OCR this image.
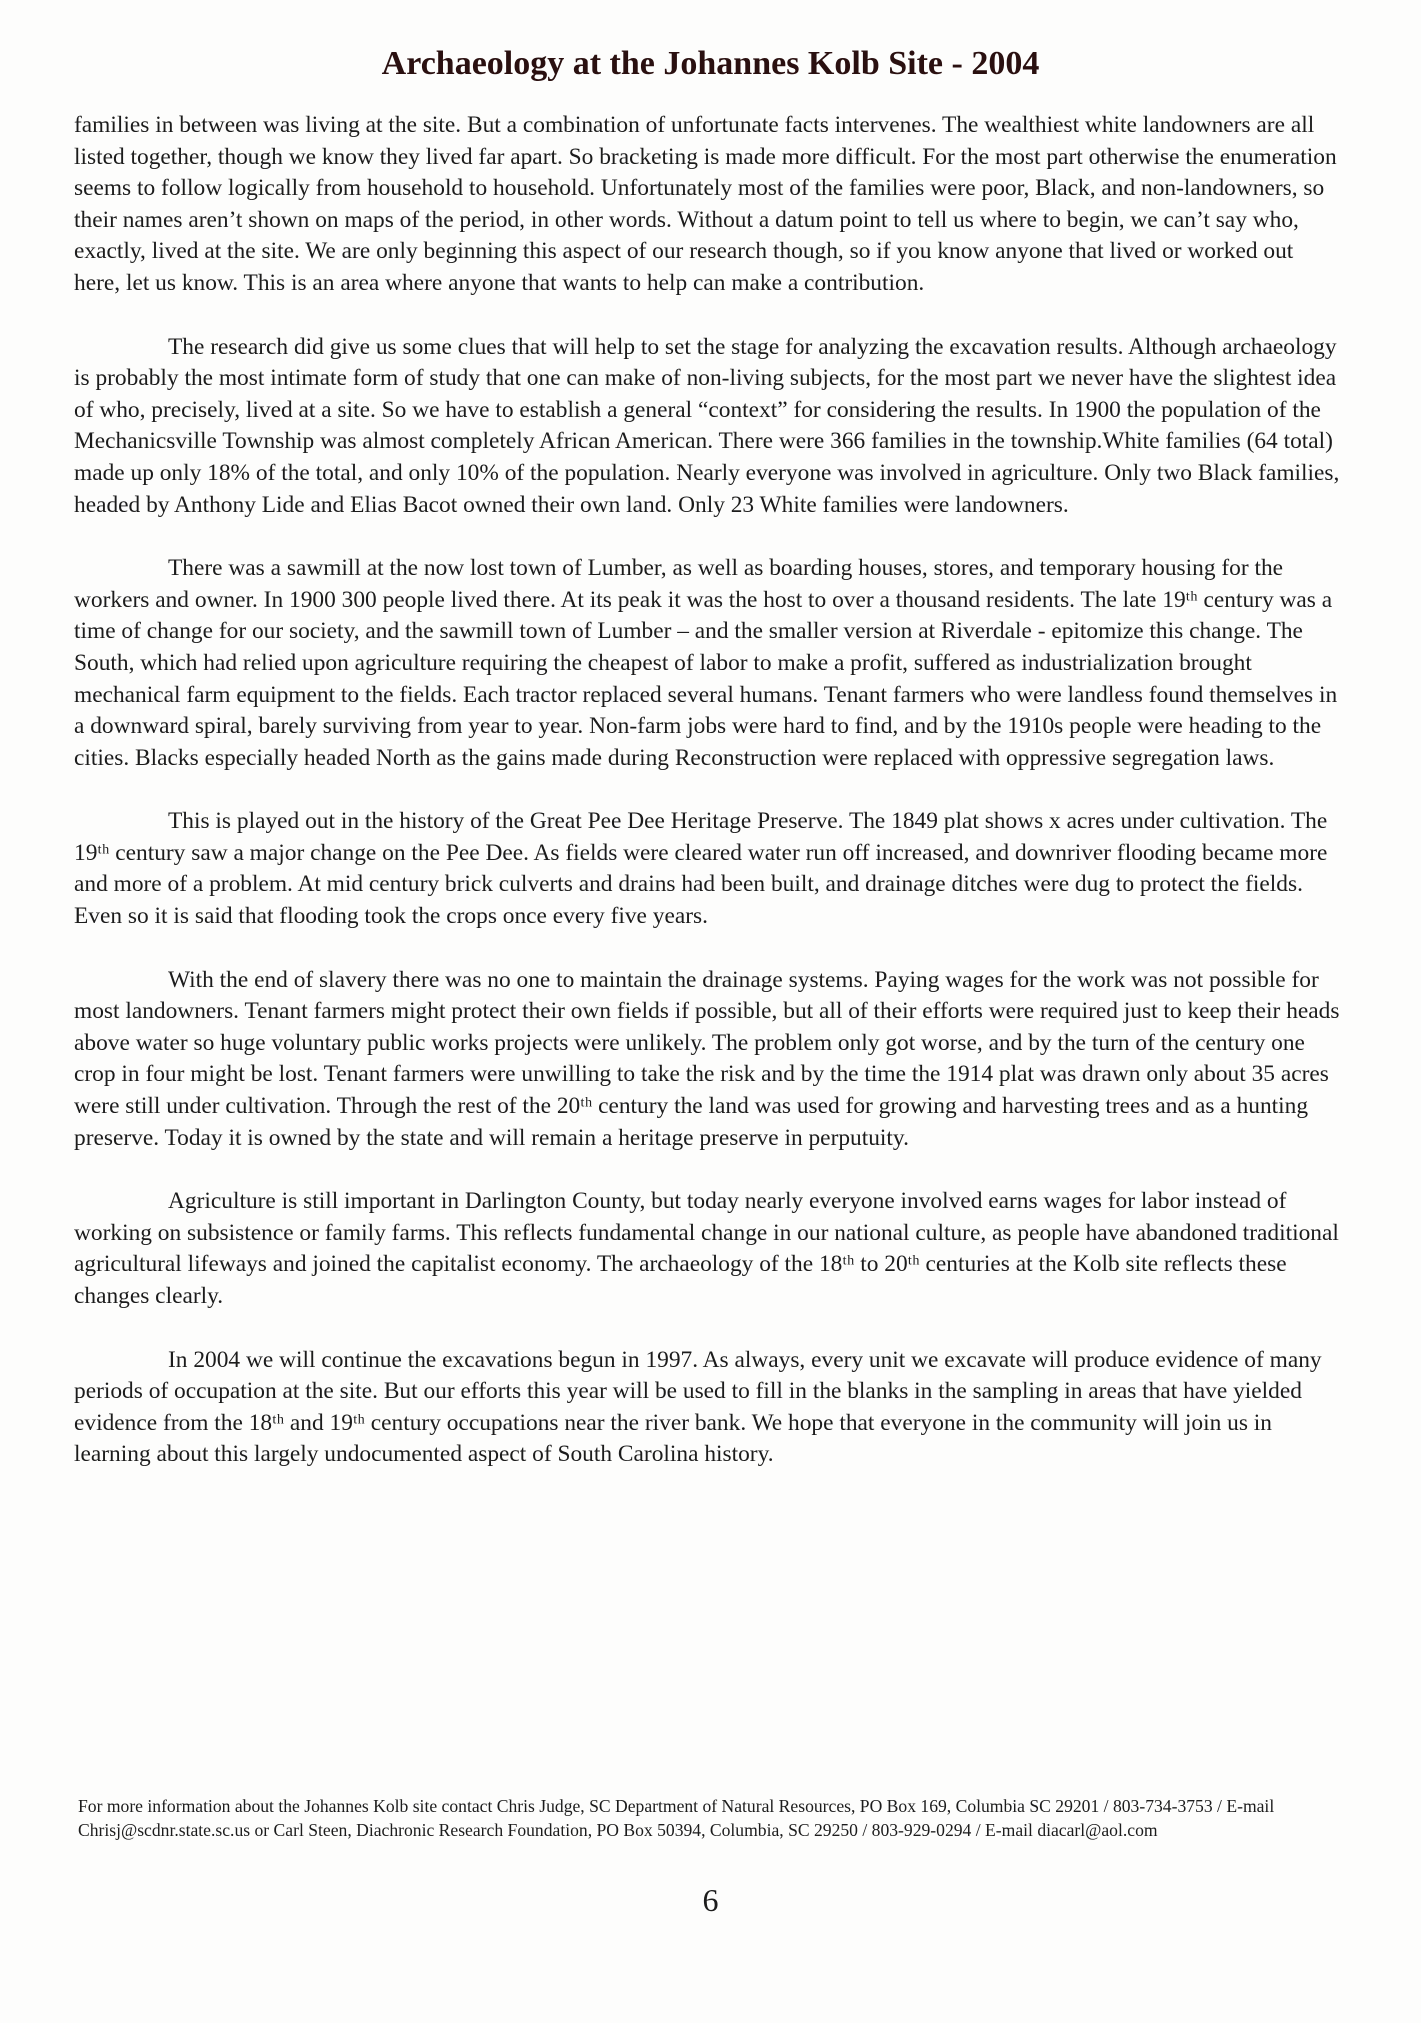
Archaeology at the Johannes Kolb Site - 2004

families in between was living at the site. But a combination of unfortunate facts intervenes. The wealthiest white landowners are all listed together, though we know they lived far apart. So bracketing is made more difficult. For the most part otherwise the enumeration seems to follow logically from household to household. Unfortunately most of the families were poor, Black, and non-landowners, so their names aren’t shown on maps of the period, in other words. Without a datum point to tell us where to begin, we can’t say who, exactly, lived at the site. We are only beginning this aspect of our research though, so if you know anyone that lived or worked out here, let us know. This is an area where anyone that wants to help can make a contribution.

The research did give us some clues that will help to set the stage for analyzing the excavation results. Although archaeology is probably the most intimate form of study that one can make of non-living subjects, for the most part we never have the slightest idea of who, precisely, lived at a site. So we have to establish a general “context” for considering the results. In 1900 the population of the Mechanicsville Township was almost completely African American. There were 366 families in the township.White families (64 total) made up only 18% of the total, and only 10% of the population. Nearly everyone was involved in agriculture. Only two Black families, headed by Anthony Lide and Elias Bacot owned their own land. Only 23 White families were landowners.

There was a sawmill at the now lost town of Lumber, as well as boarding houses, stores, and temporary housing for the workers and owner. In 1900 300 people lived there. At its peak it was the host to over a thousand residents. The late 19ᵗʰ century was a time of change for our society, and the sawmill town of Lumber – and the smaller version at Riverdale - epitomize this change. The South, which had relied upon agriculture requiring the cheapest of labor to make a profit, suffered as industrialization brought mechanical farm equipment to the fields. Each tractor replaced several humans. Tenant farmers who were landless found themselves in a downward spiral, barely surviving from year to year. Non-farm jobs were hard to find, and by the 1910s people were heading to the cities. Blacks especially headed North as the gains made during Reconstruction were replaced with oppressive segregation laws.

This is played out in the history of the Great Pee Dee Heritage Preserve. The 1849 plat shows x acres under cultivation. The 19ᵗʰ century saw a major change on the Pee Dee. As fields were cleared water run off increased, and downriver flooding became more and more of a problem. At mid century brick culverts and drains had been built, and drainage ditches were dug to protect the fields. Even so it is said that flooding took the crops once every five years.

With the end of slavery there was no one to maintain the drainage systems. Paying wages for the work was not possible for most landowners. Tenant farmers might protect their own fields if possible, but all of their efforts were required just to keep their heads above water so huge voluntary public works projects were unlikely. The problem only got worse, and by the turn of the century one crop in four might be lost. Tenant farmers were unwilling to take the risk and by the time the 1914 plat was drawn only about 35 acres were still under cultivation. Through the rest of the 20ᵗʰ century the land was used for growing and harvesting trees and as a hunting preserve. Today it is owned by the state and will remain a heritage preserve in perputuity.

Agriculture is still important in Darlington County, but today nearly everyone involved earns wages for labor instead of working on subsistence or family farms. This reflects fundamental change in our national culture, as people have abandoned traditional agricultural lifeways and joined the capitalist economy. The archaeology of the 18ᵗʰ to 20ᵗʰ centuries at the Kolb site reflects these changes clearly.

In 2004 we will continue the excavations begun in 1997. As always, every unit we excavate will produce evidence of many periods of occupation at the site. But our efforts this year will be used to fill in the blanks in the sampling in areas that have yielded evidence from the 18ᵗʰ and 19ᵗʰ century occupations near the river bank. We hope that everyone in the community will join us in learning about this largely undocumented aspect of South Carolina history.

For more information about the Johannes Kolb site contact Chris Judge, SC Department of Natural Resources, PO Box 169, Columbia SC 29201 / 803-734-3753 / E-mail Chrisj@scdnr.state.sc.us or Carl Steen, Diachronic Research Foundation, PO Box 50394, Columbia, SC 29250 / 803-929-0294 / E-mail diacarl@aol.com

6
